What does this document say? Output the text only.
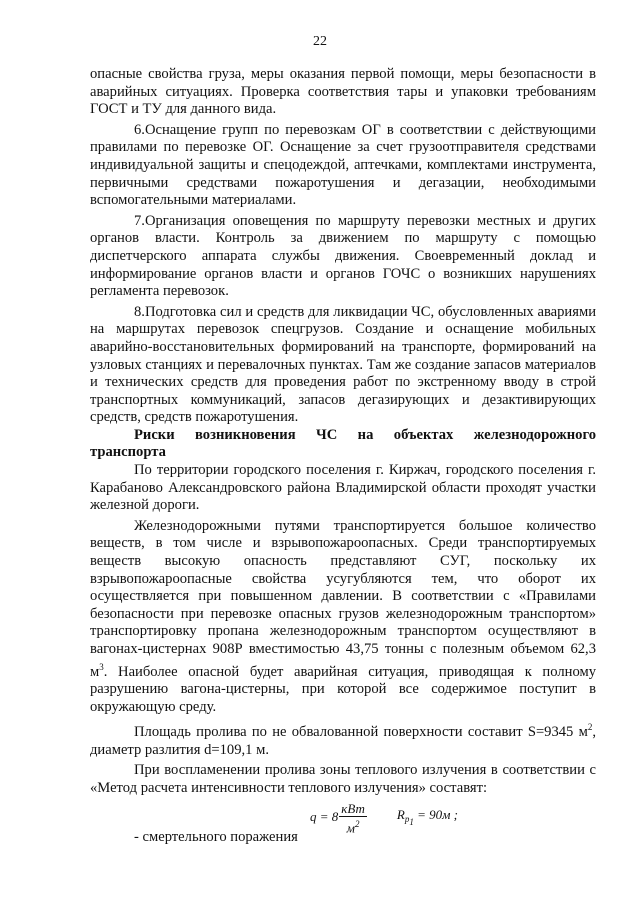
22

опасные свойства груза, меры оказания первой помощи, меры безопасности в аварийных ситуациях. Проверка соответствия тары и упаковки требованиям ГОСТ и ТУ для данного вида.

6.Оснащение групп по перевозкам ОГ в соответствии с действующими правилами по перевозке ОГ. Оснащение за счет грузоотправителя средствами индивидуальной защиты и спецодеждой, аптечками, комплектами инструмента, первичными средствами пожаротушения и дегазации, необходимыми вспомогательными материалами.

7.Организация оповещения по маршруту перевозки местных и других органов власти. Контроль за движением по маршруту с помощью диспетчерского аппарата службы движения. Своевременный доклад и информирование органов власти и органов ГОЧС о возникших нарушениях регламента перевозок.

8.Подготовка сил и средств для ликвидации ЧС, обусловленных авариями на маршрутах перевозок спецгрузов. Создание и оснащение мобильных аварийно-восстановительных формирований на транспорте, формирований на узловых станциях и перевалочных пунктах. Там же создание запасов материалов и технических средств для проведения работ по экстренному вводу в строй транспортных коммуникаций, запасов дегазирующих и дезактивирующих средств, средств пожаротушения.

Риски возникновения ЧС на объектах железнодорожного транспорта

По территории городского поселения г. Киржач, городского поселения г. Карабаново Александровского района Владимирской области проходят участки железной дороги.

Железнодорожными путями транспортируется большое количество веществ, в том числе и взрывопожароопасных. Среди транспортируемых веществ высокую опасность представляют СУГ, поскольку их взрывопожароопасные свойства усугубляются тем, что оборот их осуществляется при повышенном давлении. В соответствии с «Правилами безопасности при перевозке опасных грузов железнодорожным транспортом» транспортировку пропана железнодорожным транспортом осуществляют в вагонах-цистернах 908Р вместимостью 43,75 тонны с полезным объемом 62,3 $м^3$. Наиболее опасной будет аварийная ситуация, приводящая к полному разрушению вагона-цистерны, при которой все содержимое поступит в окружающую среду.

Площадь пролива по не обвалованной поверхности составит S=9345 $м^2$, диаметр разлития d=109,1 м.

При воспламенении пролива зоны теплового излучения в соответствии с «Метод расчета интенсивности теплового излучения» составят:

- смертельного поражения
$q = 8 \frac{\text{кВт}}{м^2} R_{р_1} = 90м$ ;
